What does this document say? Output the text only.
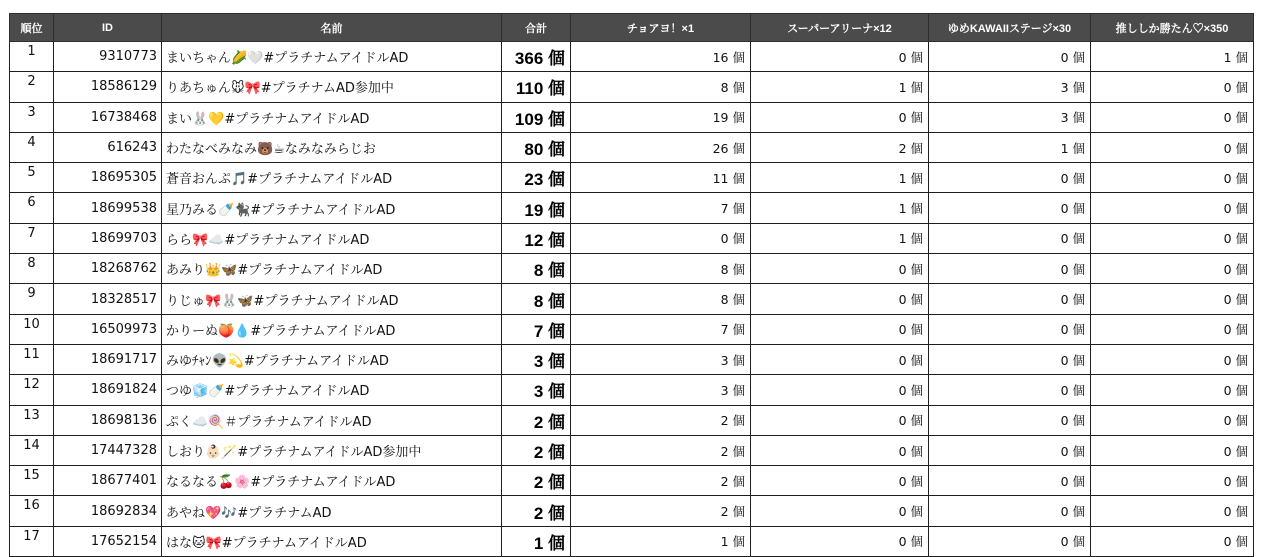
順位	ID	名前	合計	チョアヨ！×1	スーパーアリーナ×12	ゆめKAWAIIステージ×30	推ししか勝たん♡×350
1	9310773	まいちゃん🌽🤍#プラチナムアイドルAD	366 個	16 個	0 個	0 個	1 個
2	18586129	りあちゅん🐭🎀#プラチナムAD参加中	110 個	8 個	1 個	3 個	0 個
3	16738468	まい🐰💛#プラチナムアイドルAD	109 個	19 個	0 個	3 個	0 個
4	616243	わたなべみなみ🐻☕なみなみらじお	80 個	26 個	2 個	1 個	0 個
5	18695305	蒼音おんぷ🎵#プラチナムアイドルAD	23 個	11 個	1 個	0 個	0 個
6	18699538	星乃みる🍼🐈‍⬛#プラチナムアイドルAD	19 個	7 個	1 個	0 個	0 個
7	18699703	らら🎀☁️#プラチナムアイドルAD	12 個	0 個	1 個	0 個	0 個
8	18268762	あみり👑🦋#プラチナムアイドルAD	8 個	8 個	0 個	0 個	0 個
9	18328517	りじゅ🎀🐰🦋#プラチナムアイドルAD	8 個	8 個	0 個	0 個	0 個
10	16509973	かりーぬ🍑💧#プラチナムアイドルAD	7 個	7 個	0 個	0 個	0 個
11	18691717	みゆﾁｬﾝ👽💫#プラチナムアイドルAD	3 個	3 個	0 個	0 個	0 個
12	18691824	つゆ🧊🍼#プラチナムアイドルAD	3 個	3 個	0 個	0 個	0 個
13	18698136	ぷく☁️🍭＃プラチナムアイドルAD	2 個	2 個	0 個	0 個	0 個
14	17447328	しおり👶🏻🪄#プラチナムアイドルAD参加中	2 個	2 個	0 個	0 個	0 個
15	18677401	なるなる🍒🌸#プラチナムアイドルAD	2 個	2 個	0 個	0 個	0 個
16	18692834	あやね💖🎶#プラチナムAD	2 個	2 個	0 個	0 個	0 個
17	17652154	はな🐱🎀#プラチナムアイドルAD	1 個	1 個	0 個	0 個	0 個
